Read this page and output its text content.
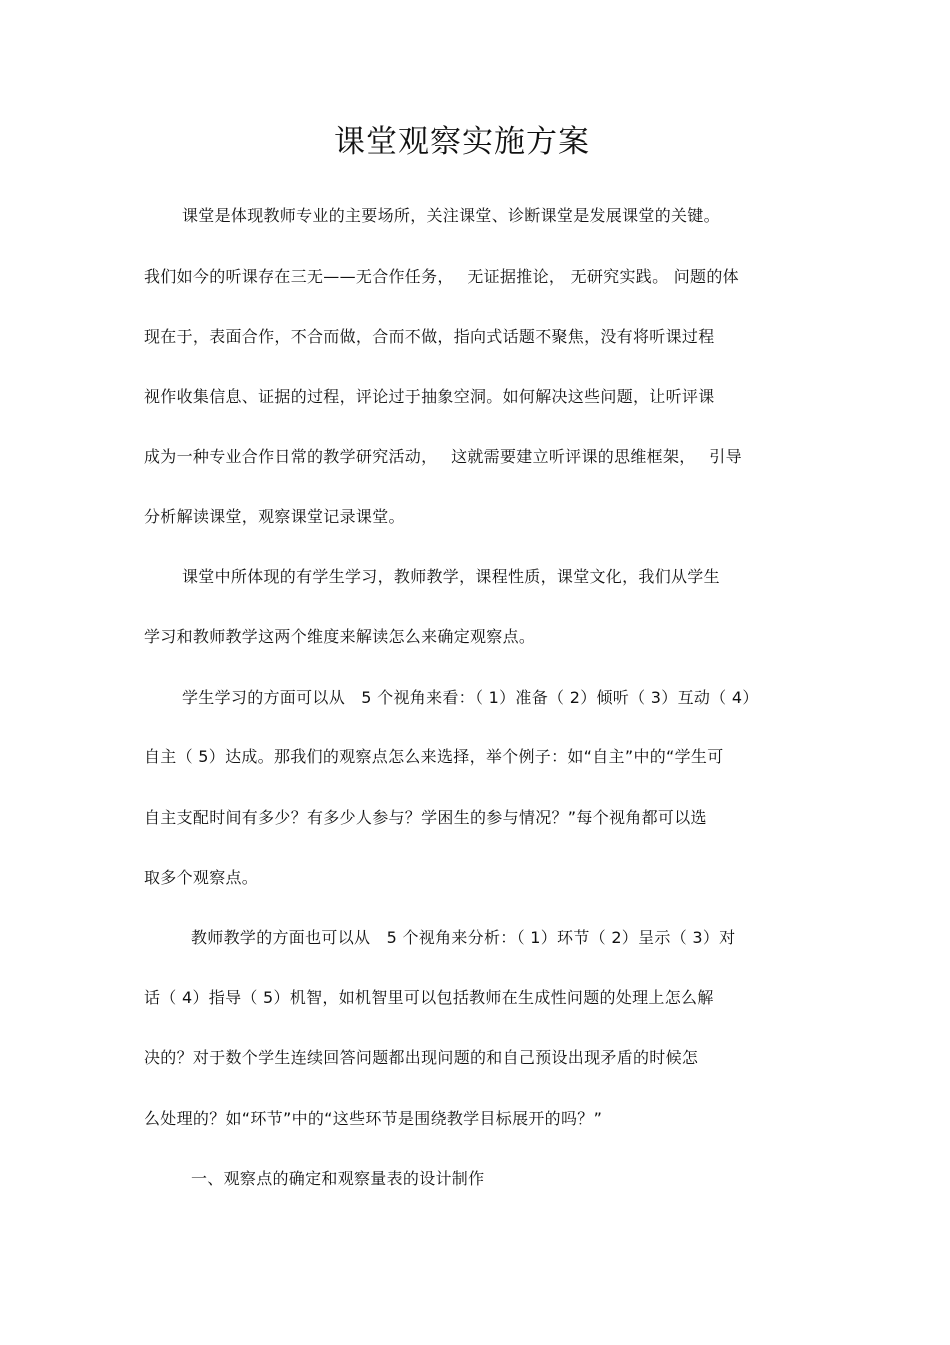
课堂观察实施方案
课堂是体现教师专业的主要场所，关注课堂、诊断课堂是发展课堂的关键。
我们如今的听课存在三无——无合作任务，　 无证据推论， 无研究实践。 问题的体
现在于，表面合作，不合而做，合而不做，指向式话题不聚焦，没有将听课过程
视作收集信息、证据的过程，评论过于抽象空洞。如何解决这些问题，让听评课
成为一种专业合作日常的教学研究活动，　 这就需要建立听评课的思维框架，　 引导
分析解读课堂，观察课堂记录课堂。
课堂中所体现的有学生学习，教师教学，课程性质，课堂文化，我们从学生
学习和教师教学这两个维度来解读怎么来确定观察点。
学生学习的方面可以从　5 个视角来看：（ 1）准备（ 2）倾听（ 3）互动（ 4）
自主（ 5）达成。那我们的观察点怎么来选择，举个例子：如“自主”中的“学生可
自主支配时间有多少？有多少人参与？学困生的参与情况？”每个视角都可以选
取多个观察点。
教师教学的方面也可以从　5 个视角来分析：（ 1）环节（ 2）呈示（ 3）对
话（ 4）指导（ 5）机智，如机智里可以包括教师在生成性问题的处理上怎么解
决的？对于数个学生连续回答问题都出现问题的和自己预设出现矛盾的时候怎
么处理的？如“环节”中的“这些环节是围绕教学目标展开的吗？”
一、观察点的确定和观察量表的设计制作
